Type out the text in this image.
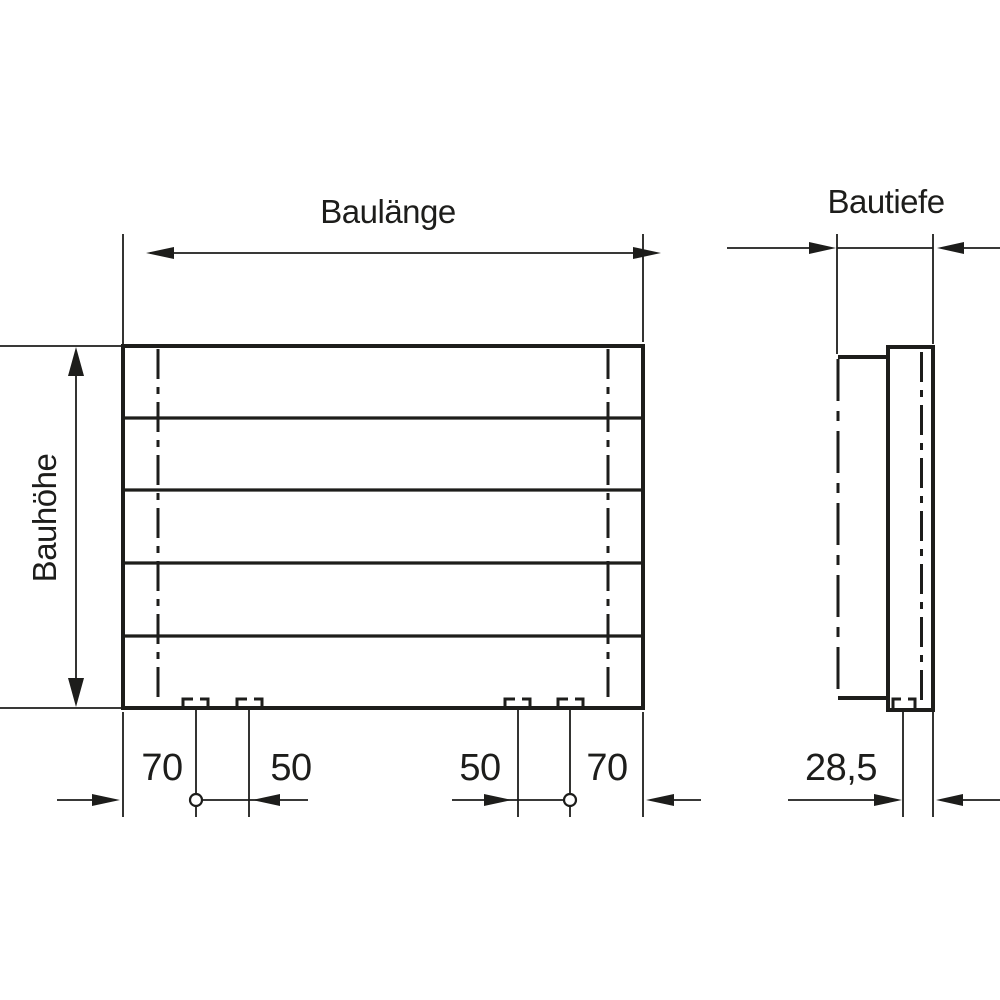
Baulänge
Bauhöhe
Bautiefe
28,5
70 50	50 70
